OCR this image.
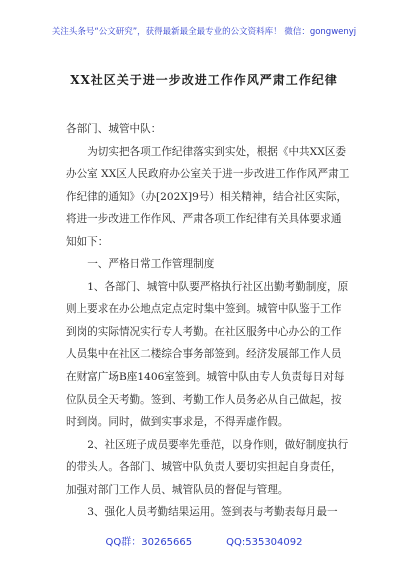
关注头条号“公文研究”，获得最新最全最专业的公文资料库！ 微信：gongwenyj
XX社区关于进一步改进工作作风严肃工作纪律

各部门、城管中队：

为切实把各项工作纪律落实到实处，根据《中共XX区委办公室 XX区人民政府办公室关于进一步改进工作作风严肃工作纪律的通知》（办[202X]9号）相关精神，结合社区实际，将进一步改进工作作风、严肃各项工作纪律有关具体要求通知如下：

一、严格日常工作管理制度

1、各部门、城管中队要严格执行社区出勤考勤制度，原则上要求在办公地点定点定时集中签到。城管中队鉴于工作到岗的实际情况实行专人考勤。在社区服务中心办公的工作人员集中在社区二楼综合事务部签到。经济发展部工作人员在财富广场B座1406室签到。城管中队由专人负责每日对每位队员全天考勤。签到、考勤工作人员务必从自己做起，按时到岗。同时，做到实事求是，不得弄虚作假。

2、社区班子成员要率先垂范，以身作则，做好制度执行的带头人。各部门、城管中队负责人要切实担起自身责任，加强对部门工作人员、城管队员的督促与管理。

3、强化人员考勤结果运用。签到表与考勤表每月最一

QQ群：30265665	QQ:535304092
